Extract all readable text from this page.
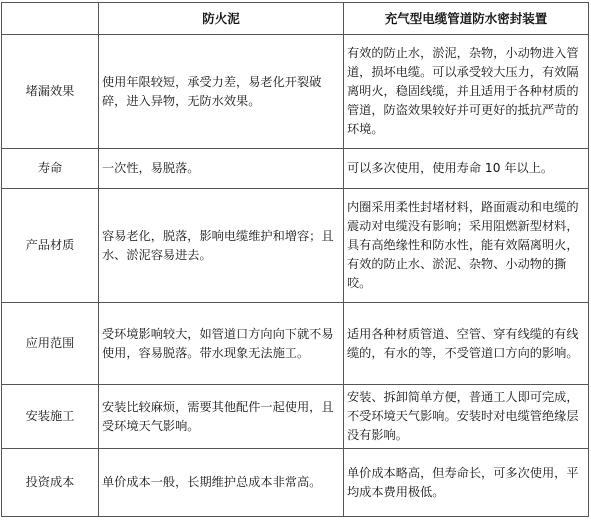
	防火泥	充气型电缆管道防水密封装置
堵漏效果	使用年限较短，承受力差，易老化开裂破碎，进入异物，无防水效果。	有效的防止水，淤泥，杂物，小动物进入管道，损坏电缆。可以承受较大压力，有效隔离明火，稳固线缆，并且适用于各种材质的管道，防盗效果较好并可更好的抵抗严苛的环境。
寿命	一次性，易脱落。	可以多次使用，使用寿命 10 年以上。
产品材质	容易老化，脱落，影响电缆维护和增容；且水、淤泥容易进去。	内圈采用柔性封堵材料，路面震动和电缆的震动对电缆没有影响；采用阻燃新型材料，具有高绝缘性和防水性，能有效隔离明火，有效的防止水、淤泥、杂物、小动物的撕咬。
应用范围	受环境影响较大，如管道口方向向下就不易使用，容易脱落。带水现象无法施工。	适用各种材质管道、空管、穿有线缆的有线缆的，有水的等，不受管道口方向的影响。
安装施工	安装比较麻烦，需要其他配件一起使用，且受环境天气影响。	安装、拆卸简单方便，普通工人即可完成，不受环境天气影响。安装时对电缆管绝缘层没有影响。
投资成本	单价成本一般，长期维护总成本非常高。	单价成本略高，但寿命长，可多次使用，平均成本费用极低。
